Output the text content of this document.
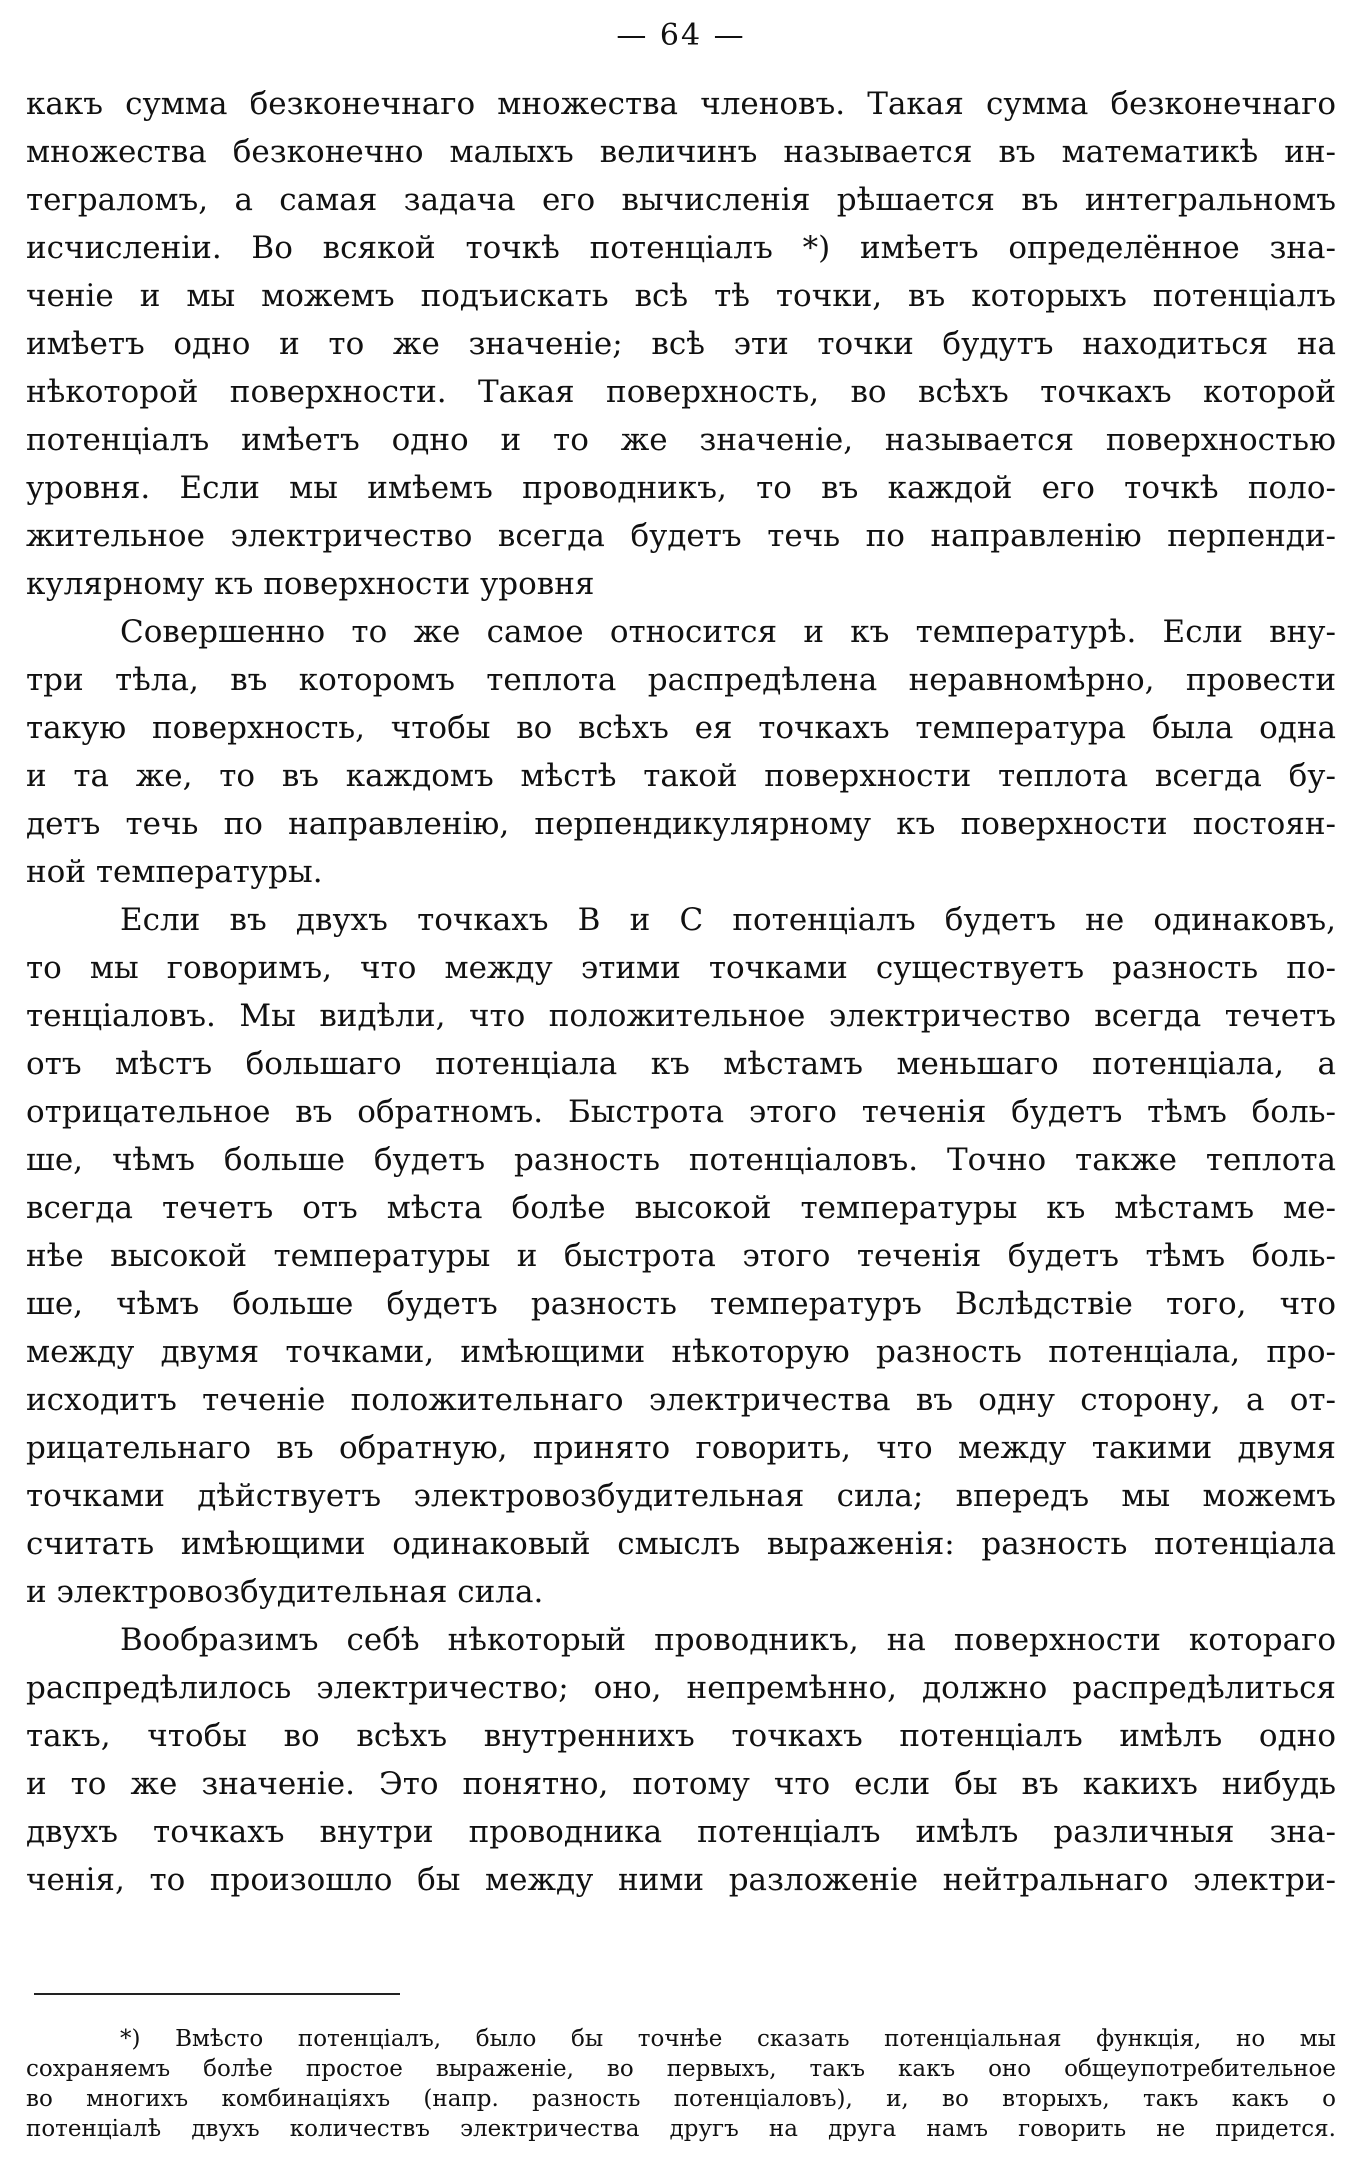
— 64 —
какъ сумма безконечнаго множества членовъ. Такая сумма безконечнаго
множества безконечно малыхъ величинъ называется въ математикѣ ин-
тегpaломъ, а самая задача его вычисленія рѣшается въ интегральномъ
исчисленіи. Во всякой точкѣ потенціалъ *) имѣетъ определённое зна-
ченіе и мы можемъ подъискать всѣ тѣ точки, въ которыхъ потенціалъ
имѣетъ одно и то же значеніе; всѣ эти точки будутъ находиться на
нѣкоторой поверхности. Такая поверхность, во всѣхъ точкахъ которой
потенціалъ имѣетъ одно и то же значеніе, называется поверхностью
уровня. Если мы имѣемъ проводникъ, то въ каждой его точкѣ поло-
жительное электричество всегда будетъ течь по направленію перпенди-
кулярному къ поверхности уровня
Совершенно то же самое относится и къ температурѣ. Если вну-
три тѣла, въ которомъ теплота распредѣлена неравномѣрно, провести
такую поверхность, чтобы во всѣхъ ея точкахъ температура была одна
и та же, то въ каждомъ мѣстѣ такой поверхности теплота всегда бу-
детъ течь по направленію, перпендикулярному къ поверхности постоян-
ной температуры.
Если въ двухъ точкахъ B и C потенціалъ будетъ не одинаковъ,
то мы говоримъ, что между этими точками существуетъ разность по-
тенціаловъ. Мы видѣли, что положительное электричество всегда течетъ
отъ мѣстъ большаго потенціала къ мѣстамъ меньшаго потенціала, а
отрицательное въ обратномъ. Быстрота этого теченія будетъ тѣмъ боль-
ше, чѣмъ больше будетъ разность потенціаловъ. Точно также теплота
всегда течетъ отъ мѣста болѣе высокой температуры къ мѣстамъ ме-
нѣе высокой температуры и быстрота этого теченія будетъ тѣмъ боль-
ше, чѣмъ больше будетъ разность температуръ Вслѣдствіе того, что
между двумя точками, имѣющими нѣкоторую разность потенціала, про-
исходитъ теченіе положительнаго электричества въ одну сторону, а от-
рицательнаго въ обратную, принято говорить, что между такими двумя
точками дѣйствуетъ электровозбудительная сила; впередъ мы можемъ
считать имѣющими одинаковый смыслъ выраженія: разность потенціала
и электровозбудительная сила.
Вообразимъ себѣ нѣкоторый проводникъ, на поверхности котораго
распредѣлилось электричество; оно, непремѣнно, должно распредѣлиться
такъ, чтобы во всѣхъ внутреннихъ точкахъ потенціалъ имѣлъ одно
и то же значеніе. Это понятно, потому что если бы въ какихъ нибудь
двухъ точкахъ внутри проводника потенціалъ имѣлъ различныя зна-
ченія, то произошло бы между ними разложеніе нейтральнаго электри-
*) Вмѣсто потенціалъ, было бы точнѣе сказать потенціальная функція, но мы
сохраняемъ болѣе простое выраженіе, во первыхъ, такъ какъ оно общеупотребительное
во многихъ комбинаціяхъ (напр. разность потенціаловъ), и, во вторыхъ, такъ какъ о
потенціалѣ двухъ количествъ электричества другъ на друга намъ говорить не придется.
